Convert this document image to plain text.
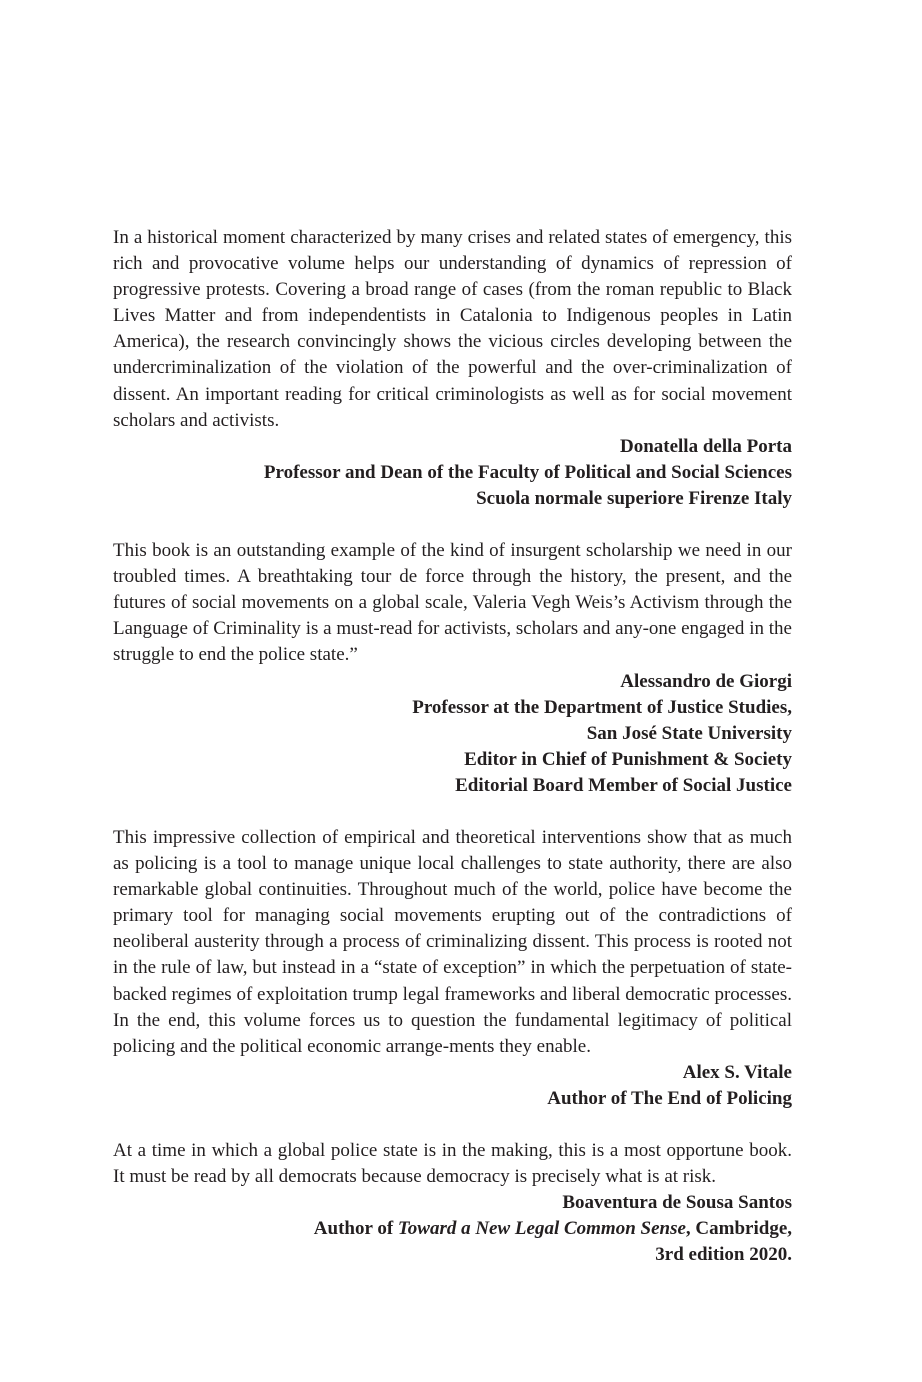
In a historical moment characterized by many crises and related states of emergency, this rich and provocative volume helps our understanding of dynamics of repression of progressive protests. Covering a broad range of cases (from the roman republic to Black Lives Matter and from independentists in Catalonia to Indigenous peoples in Latin America), the research convincingly shows the vicious circles developing between the undercriminalization of the violation of the powerful and the over-criminalization of dissent. An important reading for critical criminologists as well as for social movement scholars and activists.

Donatella della Porta
Professor and Dean of the Faculty of Political and Social Sciences
Scuola normale superiore Firenze Italy

This book is an outstanding example of the kind of insurgent scholarship we need in our troubled times. A breathtaking tour de force through the history, the present, and the futures of social movements on a global scale, Valeria Vegh Weis’s Activism through the Language of Criminality is a must-read for activists, scholars and any-one engaged in the struggle to end the police state.”

Alessandro de Giorgi
Professor at the Department of Justice Studies,
San José State University
Editor in Chief of Punishment & Society
Editorial Board Member of Social Justice

This impressive collection of empirical and theoretical interventions show that as much as policing is a tool to manage unique local challenges to state authority, there are also remarkable global continuities. Throughout much of the world, police have become the primary tool for managing social movements erupting out of the contradictions of neoliberal austerity through a process of criminalizing dissent. This process is rooted not in the rule of law, but instead in a “state of exception” in which the perpetuation of state-backed regimes of exploitation trump legal frameworks and liberal democratic processes. In the end, this volume forces us to question the fundamental legitimacy of political policing and the political economic arrange-ments they enable.

Alex S. Vitale
Author of The End of Policing

At a time in which a global police state is in the making, this is a most opportune book. It must be read by all democrats because democracy is precisely what is at risk.

Boaventura de Sousa Santos
Author of Toward a New Legal Common Sense, Cambridge,
3rd edition 2020.
